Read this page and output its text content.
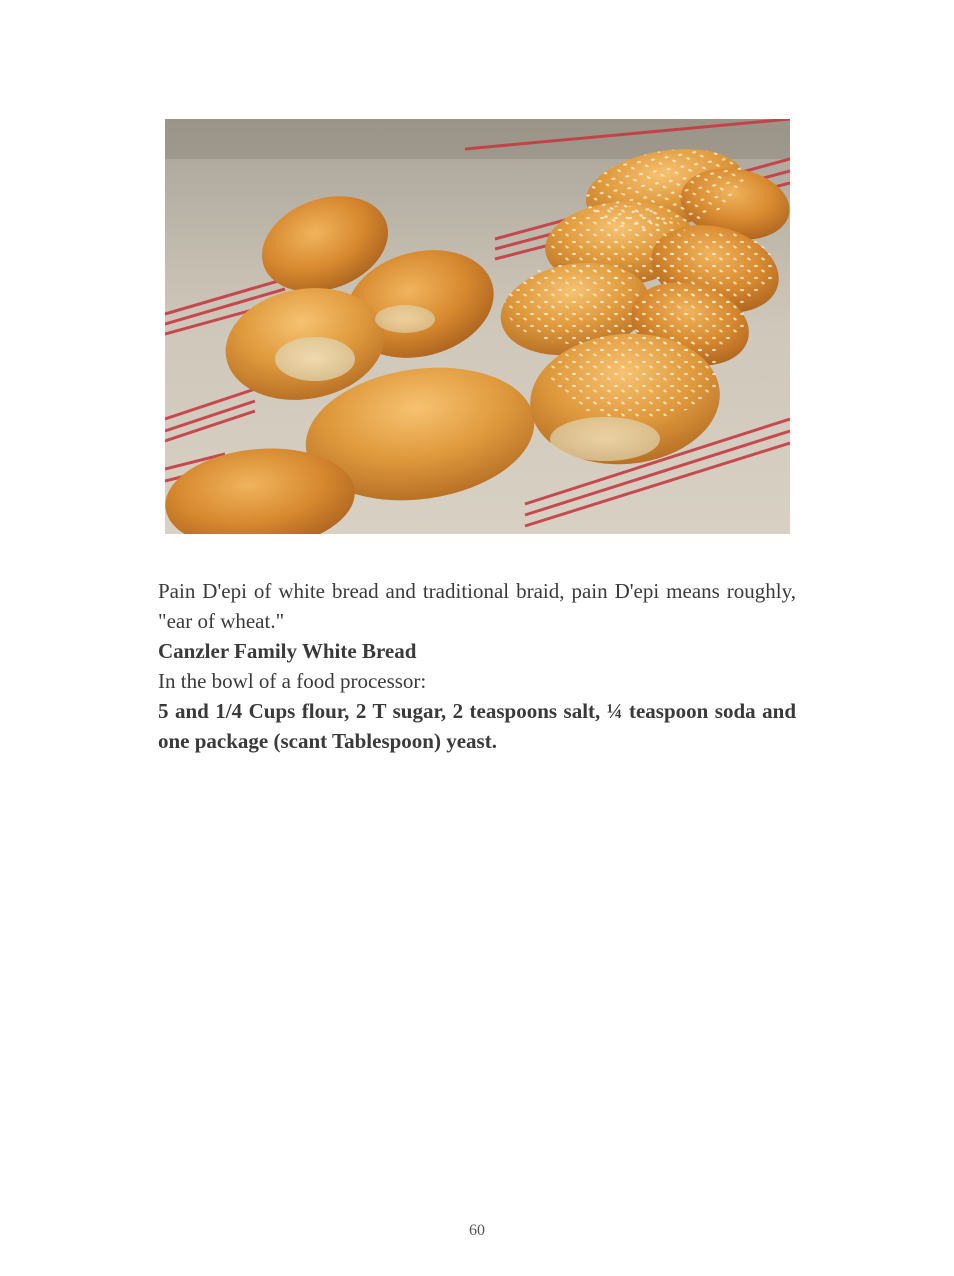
Pain D'epi of white bread and traditional braid, pain D'epi means roughly, "ear of wheat."

Canzler Family White Bread

In the bowl of a food processor:

5 and 1/4 Cups flour, 2 T sugar, 2 teaspoons salt, ¼ teaspoon soda and one package (scant Tablespoon) yeast.

60
